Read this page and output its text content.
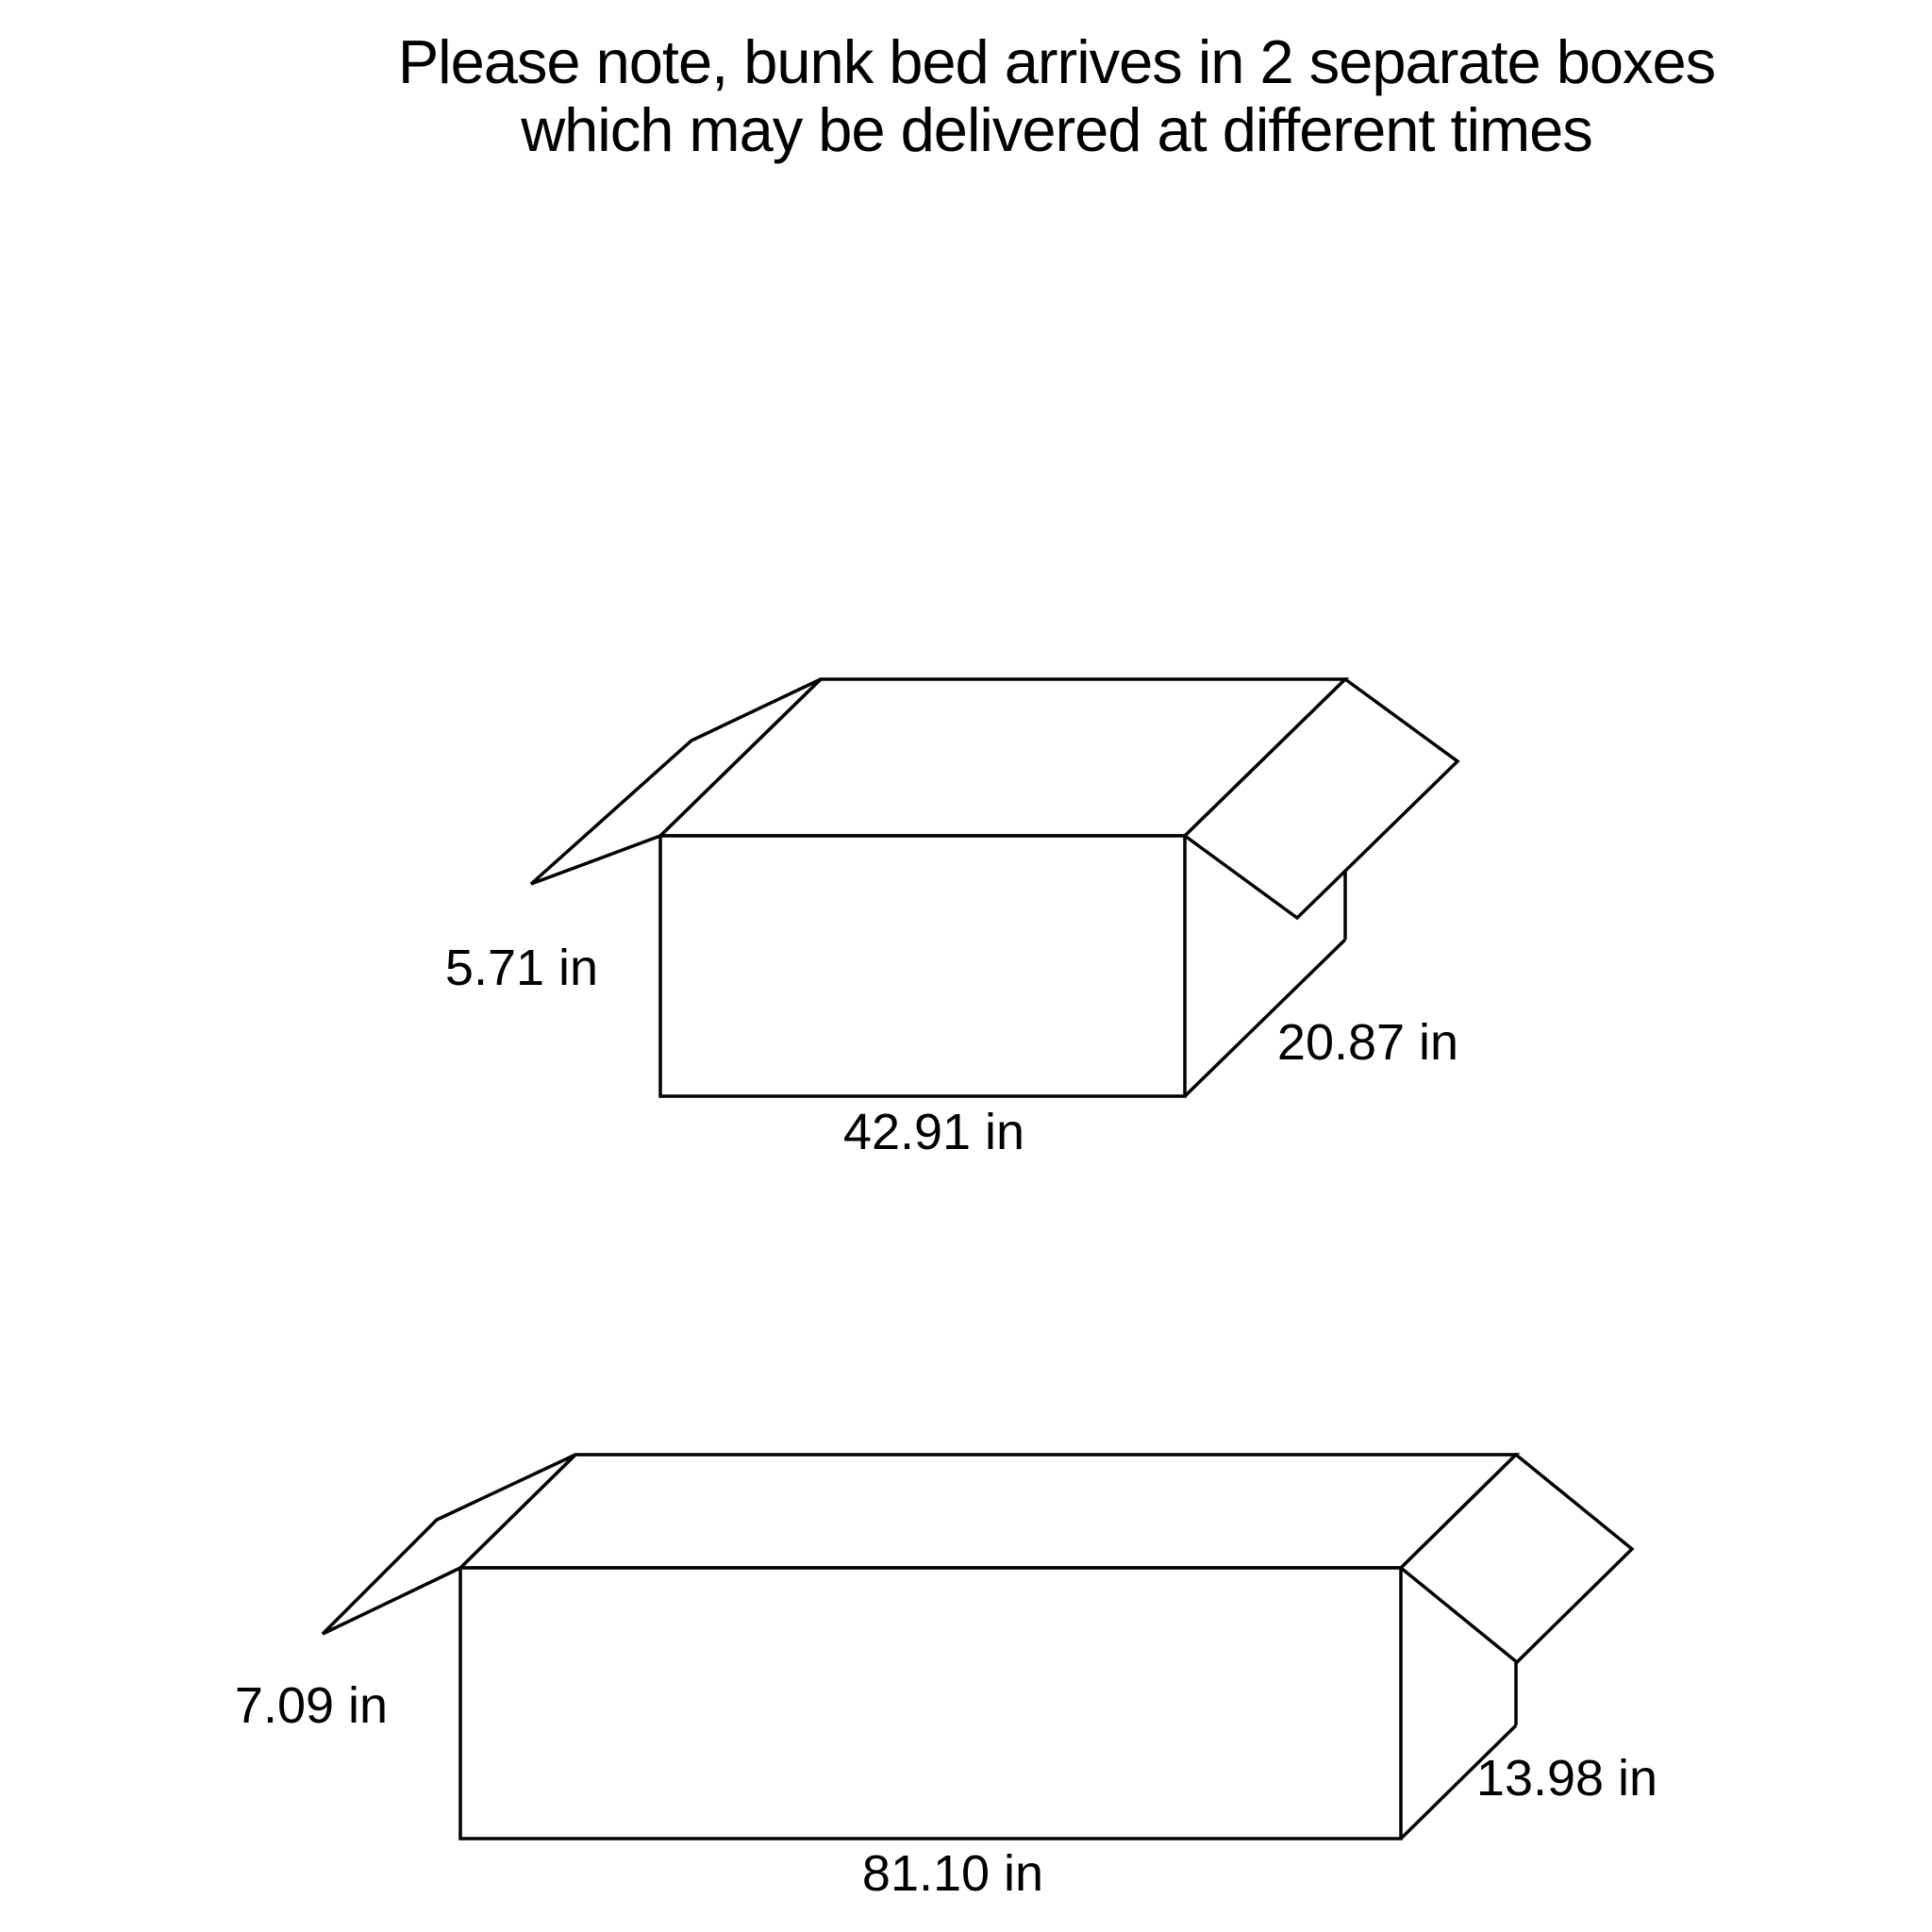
Please note, bunk bed arrives in 2 separate boxes
which may be delivered at different times
5.71 in
42.91 in
20.87 in
7.09 in
81.10 in
13.98 in
